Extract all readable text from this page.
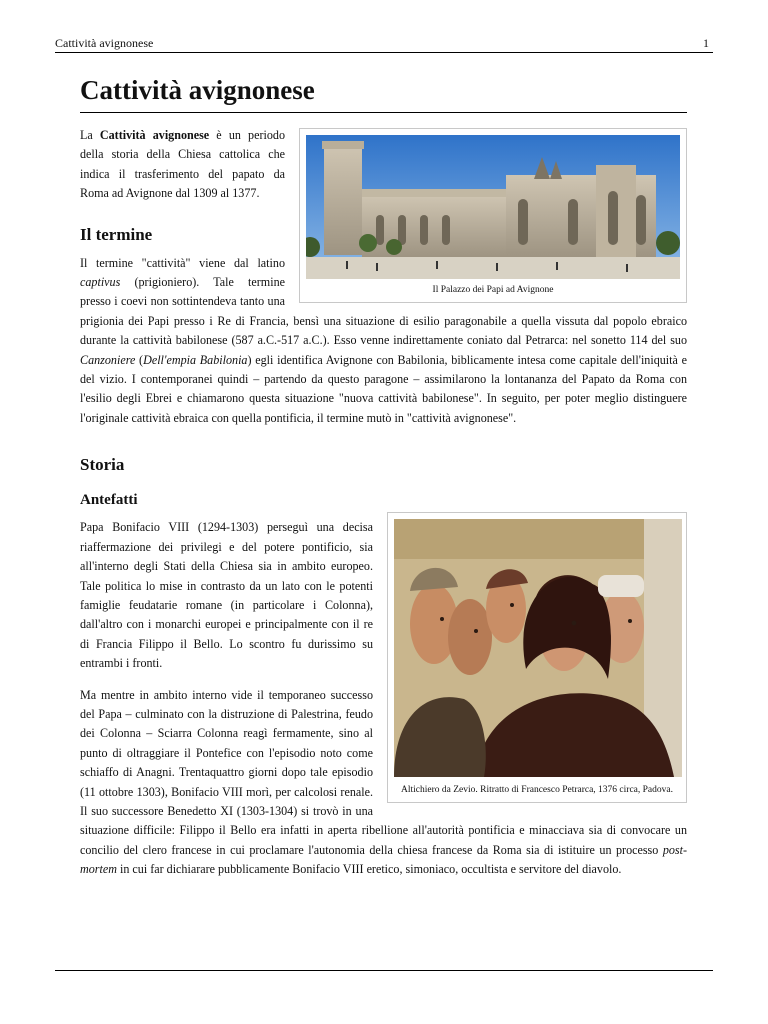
Cattività avignonese	1
Cattività avignonese
Il Palazzo dei Papi ad Avignone

La Cattività avignonese è un periodo della storia della Chiesa cattolica che indica il trasferimento del papato da Roma ad Avignone dal 1309 al 1377.

Il termine

Il termine "cattività" viene dal latino captivus (prigioniero). Tale termine presso i coevi non sottintendeva tanto una prigionia dei Papi presso i Re di Francia, bensì una situazione di esilio paragonabile a quella vissuta dal popolo ebraico durante la cattività babilonese (587 a.C.-517 a.C.). Esso venne indirettamente coniato dal Petrarca: nel sonetto 114 del suo Canzoniere (Dell'empia Babilonia) egli identifica Avignone con Babilonia, biblicamente intesa come capitale dell'iniquità e del vizio. I contemporanei quindi – partendo da questo paragone – assimilarono la lontananza del Papato da Roma con l'esilio degli Ebrei e chiamarono questa situazione "nuova cattività babilonese". In seguito, per poter meglio distinguere l'originale cattività ebraica con quella pontificia, il termine mutò in "cattività avignonese".

Storia
Antefatti
Altichiero da Zevio. Ritratto di Francesco Petrarca, 1376 circa, Padova.

Papa Bonifacio VIII (1294-1303) perseguì una decisa riaffermazione dei privilegi e del potere pontificio, sia all'interno degli Stati della Chiesa sia in ambito europeo. Tale politica lo mise in contrasto da un lato con le potenti famiglie feudatarie romane (in particolare i Colonna), dall'altro con i monarchi europei e principalmente con il re di Francia Filippo il Bello. Lo scontro fu durissimo su entrambi i fronti.

Ma mentre in ambito interno vide il temporaneo successo del Papa – culminato con la distruzione di Palestrina, feudo dei Colonna – Sciarra Colonna reagì fermamente, sino al punto di oltraggiare il Pontefice con l'episodio noto come schiaffo di Anagni. Trentaquattro giorni dopo tale episodio (11 ottobre 1303), Bonifacio VIII morì, per calcolosi renale. Il suo successore Benedetto XI (1303-1304) si trovò in una situazione difficile: Filippo il Bello era infatti in aperta ribellione all'autorità pontificia e minacciava sia di convocare un concilio del clero francese in cui proclamare l'autonomia della chiesa francese da Roma sia di istituire un processo post-mortem in cui far dichiarare pubblicamente Bonifacio VIII eretico, simoniaco, occultista e servitore del diavolo.
